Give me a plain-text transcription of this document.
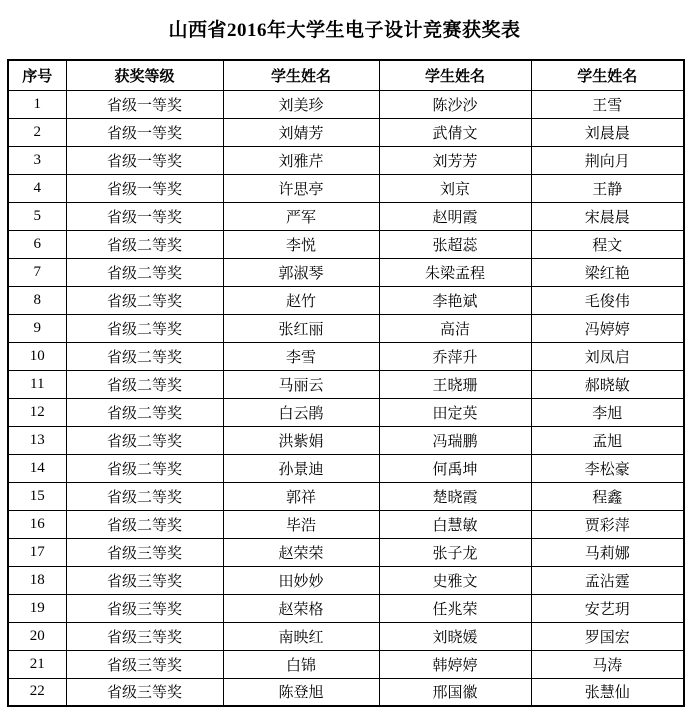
山西省2016年大学生电子设计竞赛获奖表
序号	获奖等级	学生姓名	学生姓名	学生姓名
1	省级一等奖	刘美珍	陈沙沙	王雪
2	省级一等奖	刘婧芳	武倩文	刘晨晨
3	省级一等奖	刘雅芹	刘芳芳	荆向月
4	省级一等奖	许思亭	刘京	王静
5	省级一等奖	严军	赵明霞	宋晨晨
6	省级二等奖	李悦	张超蕊	程文
7	省级二等奖	郭淑琴	朱梁孟程	梁红艳
8	省级二等奖	赵竹	李艳斌	毛俊伟
9	省级二等奖	张红丽	高洁	冯婷婷
10	省级二等奖	李雪	乔萍升	刘凤启
11	省级二等奖	马丽云	王晓珊	郝晓敏
12	省级二等奖	白云鹃	田定英	李旭
13	省级二等奖	洪紫娟	冯瑞鹏	孟旭
14	省级二等奖	孙景迪	何禹坤	李松豪
15	省级二等奖	郭祥	楚晓霞	程鑫
16	省级二等奖	毕浩	白慧敏	贾彩萍
17	省级三等奖	赵荣荣	张子龙	马莉娜
18	省级三等奖	田妙妙	史雅文	孟沾霆
19	省级三等奖	赵荣格	任兆荣	安艺玥
20	省级三等奖	南映红	刘晓媛	罗国宏
21	省级三等奖	白锦	韩婷婷	马涛
22	省级三等奖	陈登旭	邢国徽	张慧仙
